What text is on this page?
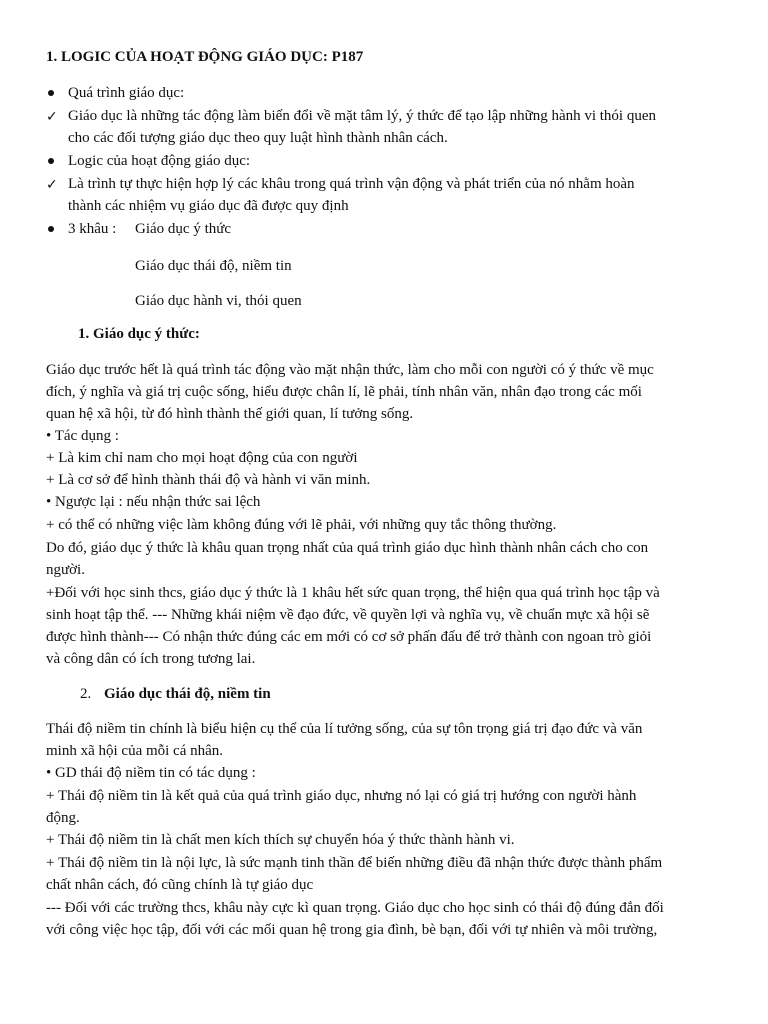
1. LOGIC CỦA HOẠT ĐỘNG GIÁO DỤC: P187
Quá trình giáo dục:
✓ Giáo dục là những tác động làm biến đổi về mặt tâm lý, ý thức để tạo lập những hành vi thói quen
cho các đối tượng giáo dục theo quy luật hình thành nhân cách.
Logic của hoạt động giáo dục:
✓ Là trình tự thực hiện hợp lý các khâu trong quá trình vận động và phát triển của nó nhằm hoàn
thành các nhiệm vụ giáo dục đã được quy định
3 khâu : Giáo dục ý thức
Giáo dục thái độ, niềm tin
Giáo dục hành vi, thói quen
1. Giáo dục ý thức:
Giáo dục trước hết là quá trình tác động vào mặt nhận thức, làm cho mỗi con người có ý thức về mục
đích, ý nghĩa và giá trị cuộc sống, hiểu được chân lí, lẽ phải, tính nhân văn, nhân đạo trong các mối
quan hệ xã hội, từ đó hình thành thế giới quan, lí tưởng sống.
• Tác dụng :
+ Là kim chỉ nam cho mọi hoạt động của con người
+ Là cơ sở để hình thành thái độ và hành vi văn minh.
• Ngược lại : nếu nhận thức sai lệch
+ có thể có những việc làm không đúng với lẽ phải, với những quy tắc thông thường.
Do đó, giáo dục ý thức là khâu quan trọng nhất của quá trình giáo dục hình thành nhân cách cho con
người.
+Đối với học sinh thcs, giáo dục ý thức là 1 khâu hết sức quan trọng, thể hiện qua quá trình học tập và
sinh hoạt tập thể. --- Những khái niệm về đạo đức, về quyền lợi và nghĩa vụ, về chuẩn mực xã hội sẽ
được hình thành--- Có nhận thức đúng các em mới có cơ sở phấn đấu để trở thành con ngoan trò giỏi
và công dân có ích trong tương lai.
2. Giáo dục thái độ, niềm tin
Thái độ niềm tin chính là biểu hiện cụ thể của lí tưởng sống, của sự tôn trọng giá trị đạo đức và văn
minh xã hội của mỗi cá nhân.
• GD thái độ niềm tin có tác dụng :
+ Thái độ niềm tin là kết quả của quá trình giáo dục, nhưng nó lại có giá trị hướng con người hành
động.
+ Thái độ niềm tin là chất men kích thích sự chuyển hóa ý thức thành hành vi.
+ Thái độ niềm tin là nội lực, là sức mạnh tinh thần để biến những điều đã nhận thức được thành phẩm
chất nhân cách, đó cũng chính là tự giáo dục
--- Đối với các trường thcs, khâu này cực kì quan trọng. Giáo dục cho học sinh có thái độ đúng đắn đối
với công việc học tập, đối với các mối quan hệ trong gia đình, bè bạn, đối với tự nhiên và môi trường,
